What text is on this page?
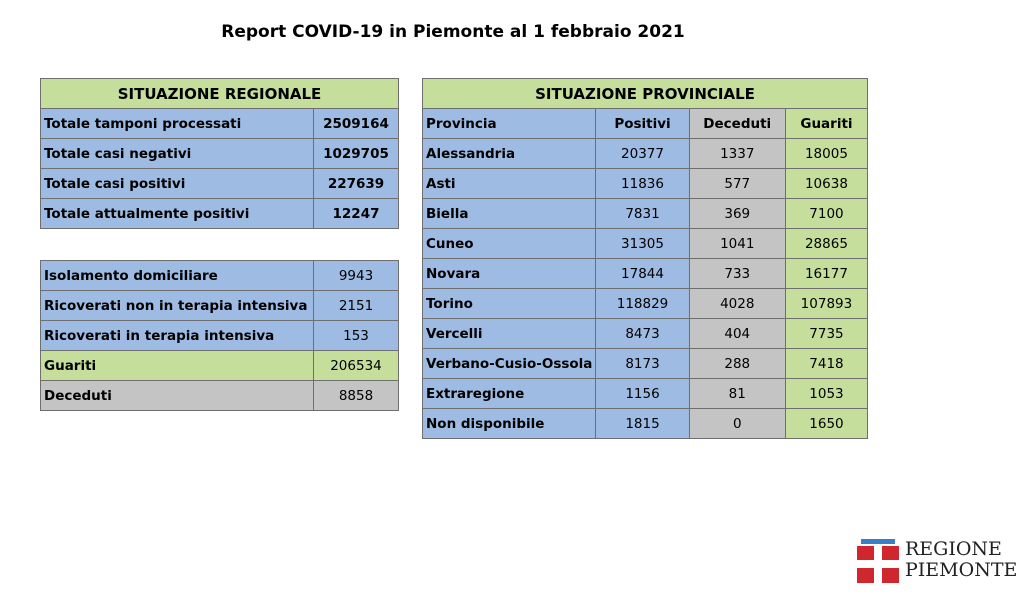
Report COVID-19 in Piemonte al 1 febbraio 2021
SITUAZIONE REGIONALE	
Totale tamponi processati	2509164
Totale casi negativi	1029705
Totale casi positivi	227639
Totale attualmente positivi	12247
Isolamento domiciliare	9943
Ricoverati non in terapia intensiva	2151
Ricoverati in terapia intensiva	153
Guariti	206534
Deceduti	8858
SITUAZIONE PROVINCIALE			
Provincia	Positivi	Deceduti	Guariti
Alessandria	20377	1337	18005
Asti	11836	577	10638
Biella	7831	369	7100
Cuneo	31305	1041	28865
Novara	17844	733	16177
Torino	118829	4028	107893
Vercelli	8473	404	7735
Verbano-Cusio-Ossola	8173	288	7418
Extraregione	1156	81	1053
Non disponibile	1815	0	1650
REGIONE
PIEMONTE
